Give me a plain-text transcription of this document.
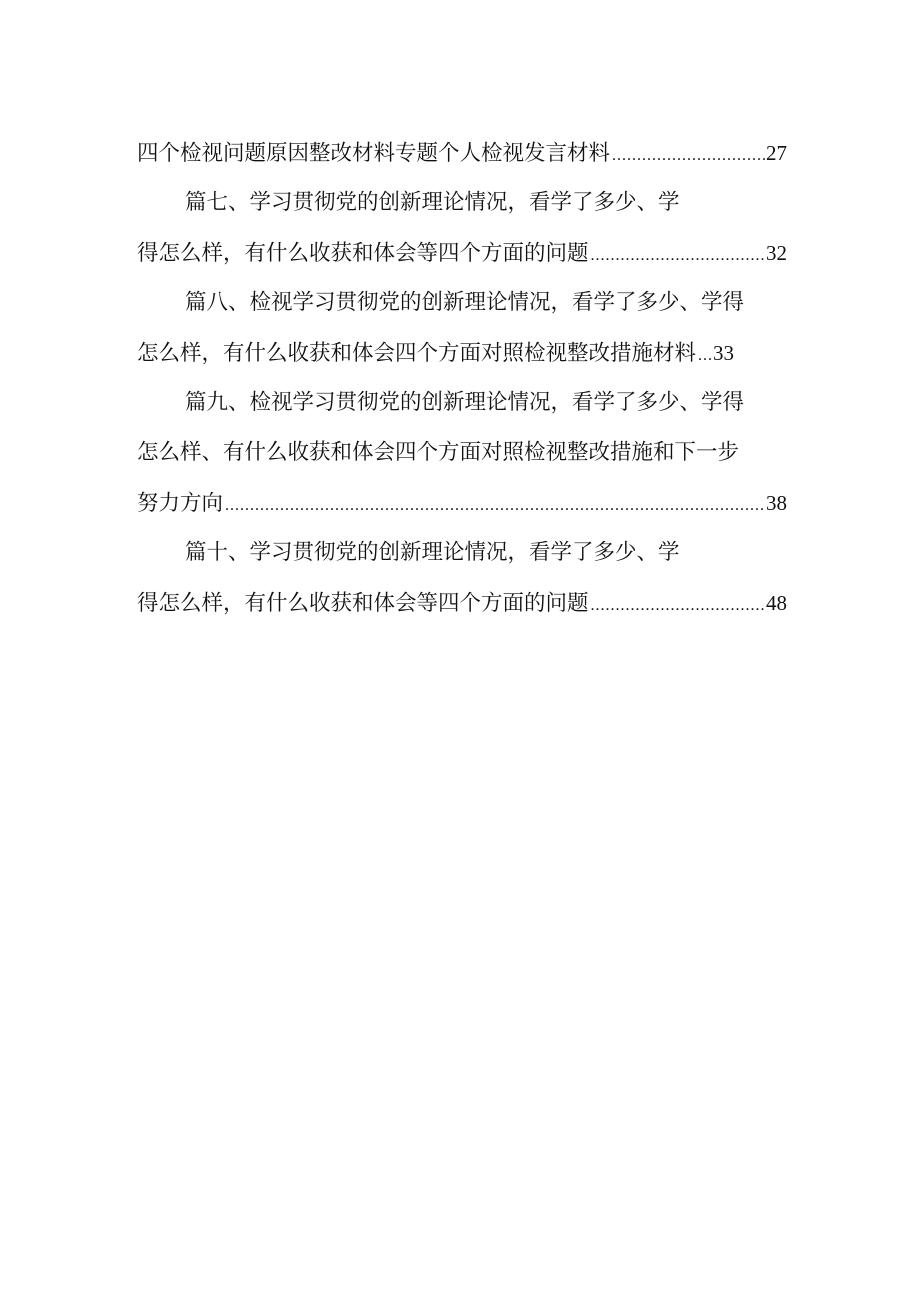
四个检视问题原因整改材料专题个人检视发言材料 .....	27
篇七、学习贯彻党的创新理论情况，看学了多少、学
得怎么样，有什么收获和体会等四个方面的问题 .....	32
篇八、检视学习贯彻党的创新理论情况，看学了多少、学得
怎么样，有什么收获和体会四个方面对照检视整改措施材料 ..... 33
篇九、检视学习贯彻党的创新理论情况，看学了多少、学得
怎么样、有什么收获和体会四个方面对照检视整改措施和下一步
努力方向 .....	38
篇十、学习贯彻党的创新理论情况，看学了多少、学
得怎么样，有什么收获和体会等四个方面的问题 .....	48
